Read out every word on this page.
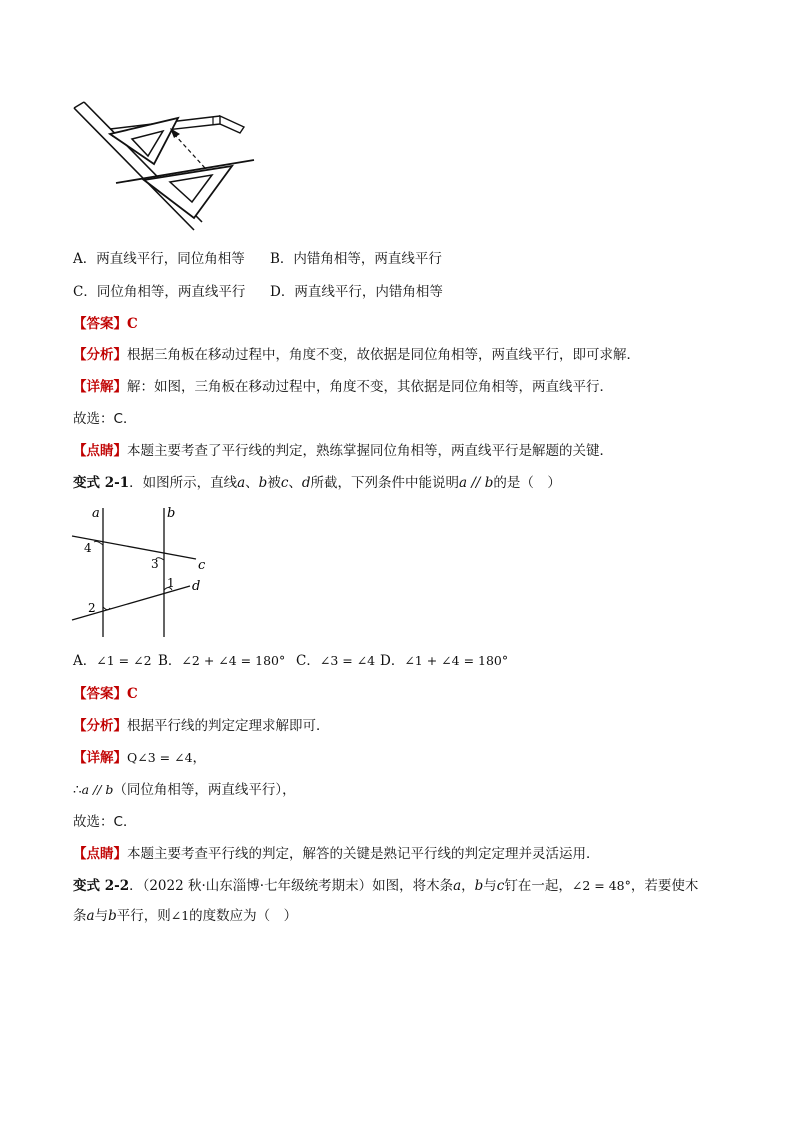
A．两直线平行，同位角相等 B．内错角相等，两直线平行
C．同位角相等，两直线平行 D．两直线平行，内错角相等
【答案】C
【分析】根据三角板在移动过程中，角度不变，故依据是同位角相等，两直线平行，即可求解．
【详解】解：如图，三角板在移动过程中，角度不变，其依据是同位角相等，两直线平行．
故选：C．
【点睛】本题主要考查了平行线的判定，熟练掌握同位角相等，两直线平行是解题的关键．
变式 2-1．如图所示，直线a、b被c、d所截，下列条件中能说明a // b的是（　）
a	b
c
d
4
3
1
2
A．∠1 = ∠2 B．∠2 + ∠4 = 180° C．∠3 = ∠4 D．∠1 + ∠4 = 180°
【答案】C
【分析】根据平行线的判定定理求解即可．
【详解】Q∠3 = ∠4，
∴a // b（同位角相等，两直线平行），
故选：C．
【点睛】本题主要考查平行线的判定，解答的关键是熟记平行线的判定定理并灵活运用．
变式 2-2．（2022 秋·山东淄博·七年级统考期末）如图，将木条a，b与c钉在一起，∠2 = 48°，若要使木
条a与b平行，则∠1的度数应为（　）
